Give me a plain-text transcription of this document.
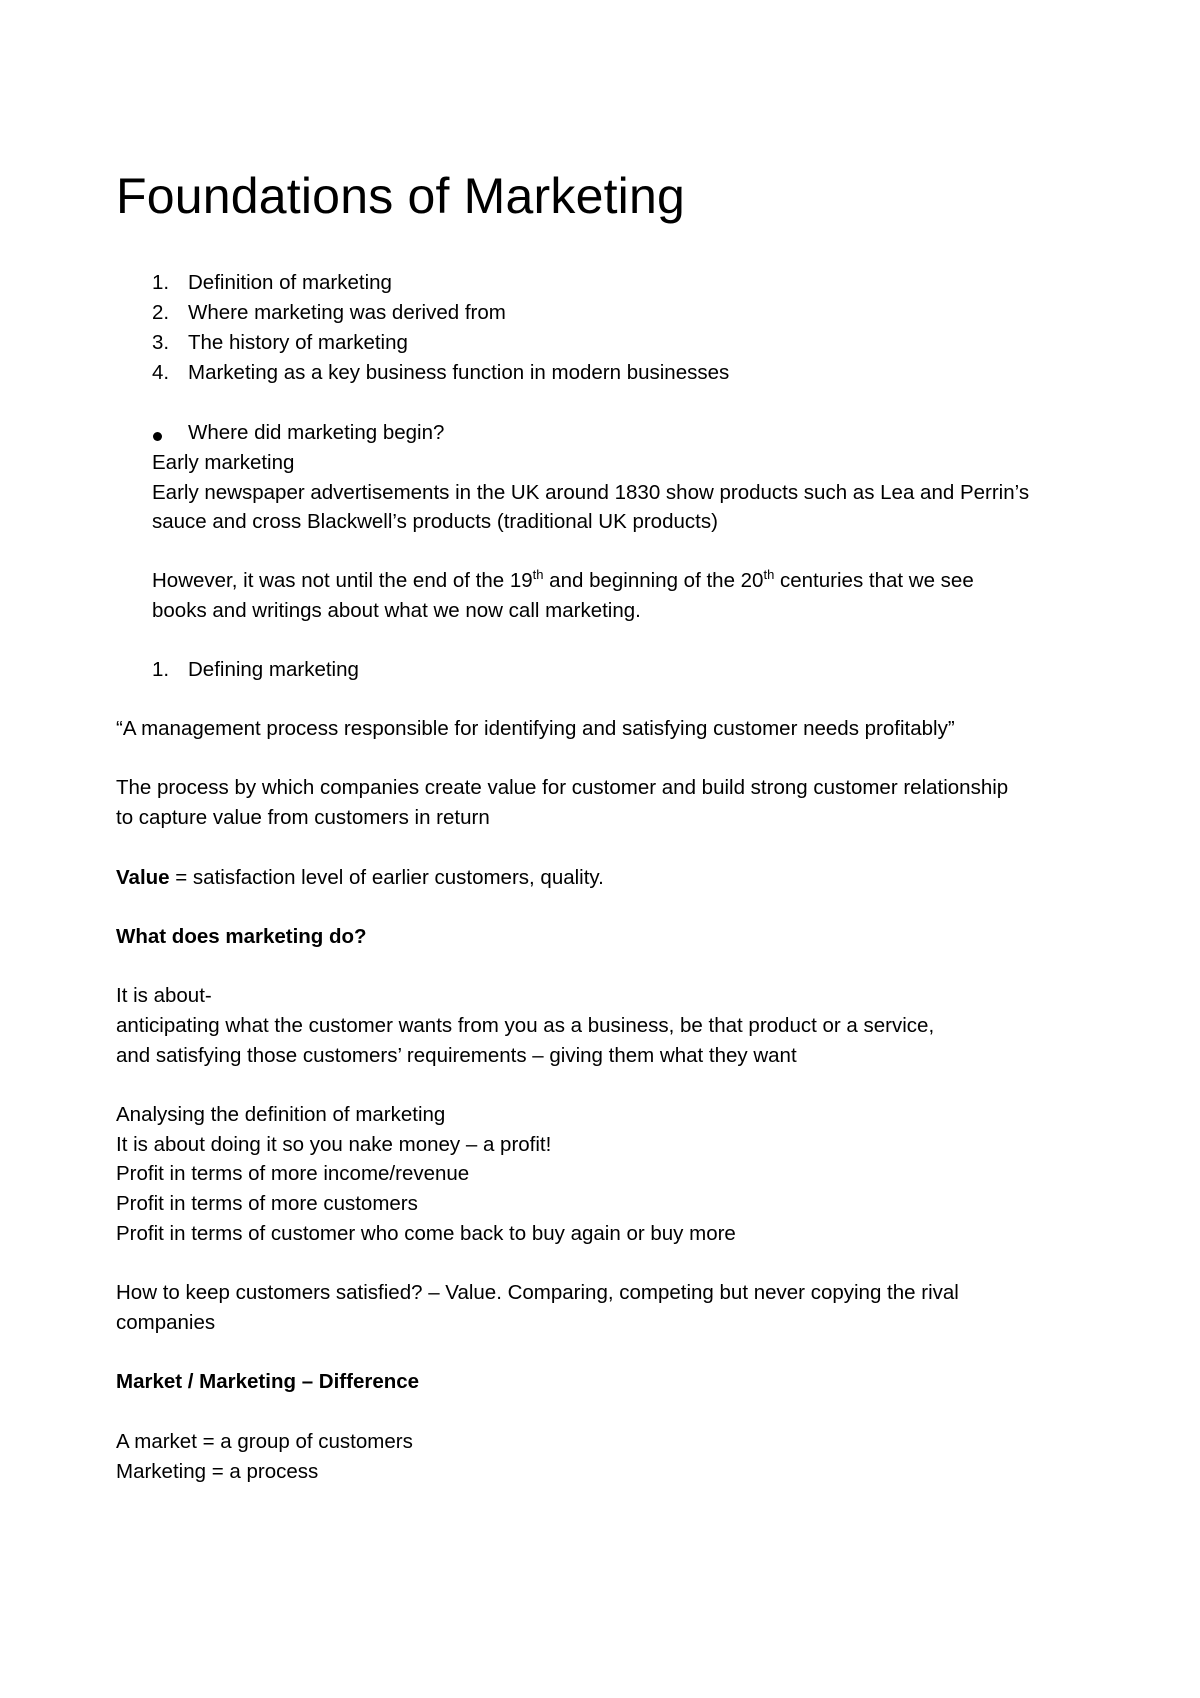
Foundations of Marketing
1. Definition of marketing
2. Where marketing was derived from
3. The history of marketing
4. Marketing as a key business function in modern businesses

Where did marketing begin?

Early marketing

Early newspaper advertisements in the UK around 1830 show products such as Lea and Perrin’s

sauce and cross Blackwell’s products (traditional UK products)

However, it was not until the end of the 19th and beginning of the 20th centuries that we see

books and writings about what we now call marketing.

1. Defining marketing

“A management process responsible for identifying and satisfying customer needs profitably”

The process by which companies create value for customer and build strong customer relationship

to capture value from customers in return

Value = satisfaction level of earlier customers, quality.

What does marketing do?

It is about-

anticipating what the customer wants from you as a business, be that product or a service,

and satisfying those customers’ requirements – giving them what they want

Analysing the definition of marketing

It is about doing it so you nake money – a profit!

Profit in terms of more income/revenue

Profit in terms of more customers

Profit in terms of customer who come back to buy again or buy more

How to keep customers satisfied? – Value. Comparing, competing but never copying the rival

companies

Market / Marketing – Difference

A market = a group of customers

Marketing = a process
